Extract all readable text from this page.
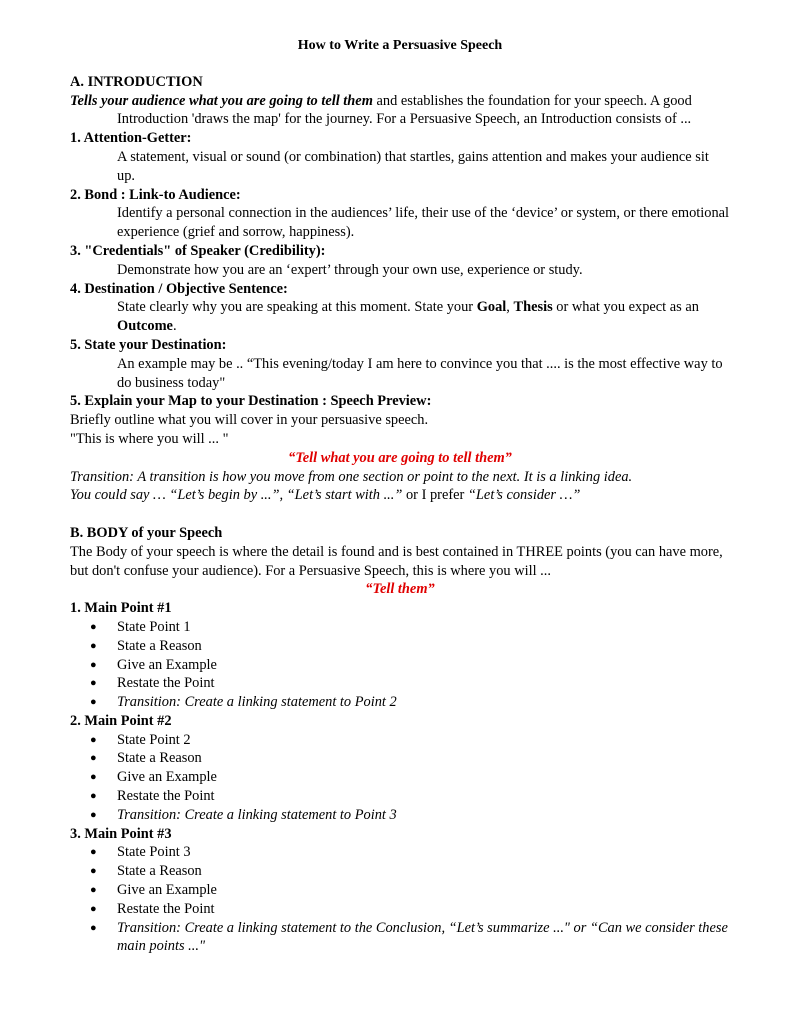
How to Write a Persuasive Speech

A. INTRODUCTION

Tells your audience what you are going to tell them and establishes the foundation for your speech. A good Introduction 'draws the map' for the journey. For a Persuasive Speech, an Introduction consists of ...

1. Attention-Getter:

A statement, visual or sound (or combination) that startles, gains attention and makes your audience sit up.

2. Bond : Link-to Audience:

Identify a personal connection in the audiences’ life, their use of the ‘device’ or system, or there emotional experience (grief and sorrow, happiness).

3. "Credentials" of Speaker (Credibility):

Demonstrate how you are an ‘expert’ through your own use, experience or study.

4. Destination / Objective Sentence:

State clearly why you are speaking at this moment. State your Goal, Thesis or what you expect as an Outcome.

5. State your Destination:

An example may be .. “This evening/today I am here to convince you that .... is the most effective way to do business today"

5. Explain your Map to your Destination : Speech Preview:

Briefly outline what you will cover in your persuasive speech.

"This is where you will ... "

“Tell what you are going to tell them”

Transition: A transition is how you move from one section or point to the next. It is a linking idea.

You could say … “Let’s begin by ...”, “Let’s start with ...” or I prefer “Let’s consider …”

B. BODY of your Speech

The Body of your speech is where the detail is found and is best contained in THREE points (you can have more, but don't confuse your audience). For a Persuasive Speech, this is where you will ...

“Tell them”

1. Main Point #1

● State Point 1
● State a Reason
● Give an Example
● Restate the Point
● Transition: Create a linking statement to Point 2

2. Main Point #2

● State Point 2
● State a Reason
● Give an Example
● Restate the Point
● Transition: Create a linking statement to Point 3

3. Main Point #3

● State Point 3
● State a Reason
● Give an Example
● Restate the Point
● Transition: Create a linking statement to the Conclusion, “Let’s summarize ..." or “Can we consider these main points ..."
